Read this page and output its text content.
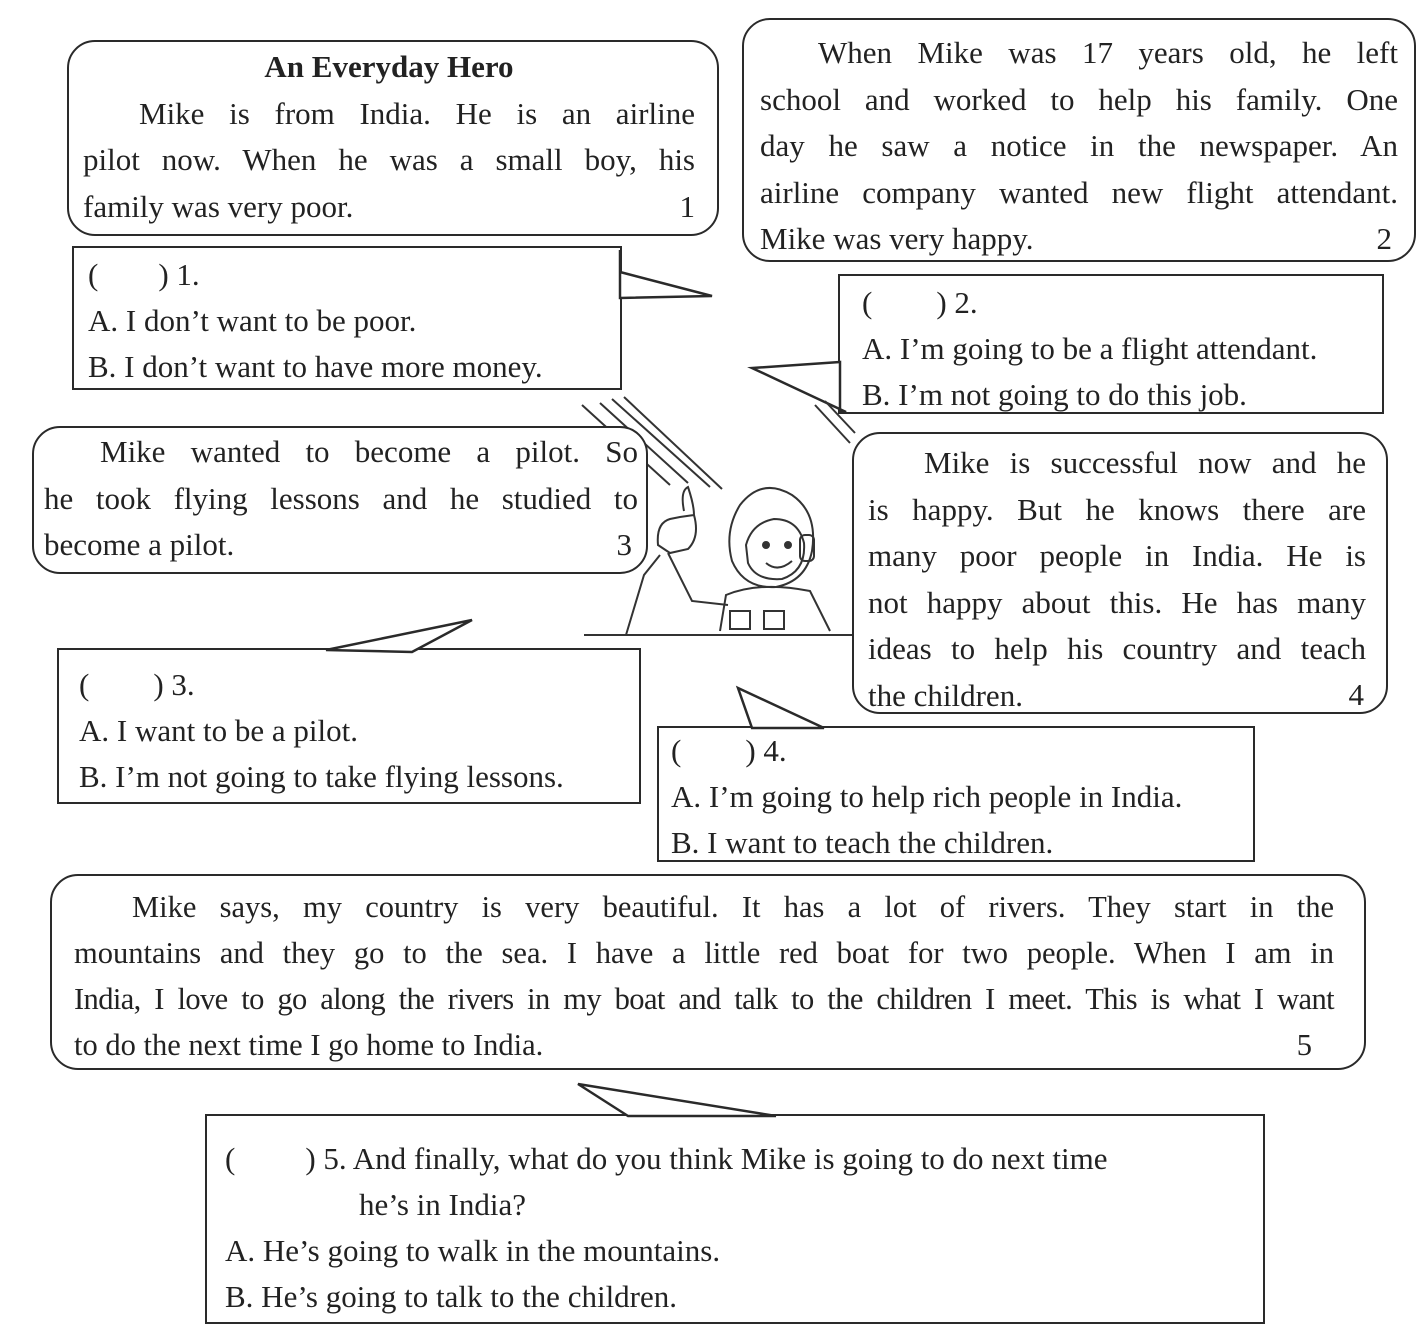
An Everyday Hero
Mike is from India. He is an airline
pilot now. When he was a small boy, his
family was very poor.	1
When Mike was 17 years old, he left
school and worked to help his family. One
day he saw a notice in the newspaper. An
airline company wanted new flight attendant.
Mike was very happy.	2
( ) 1.
A. I don’t want to be poor.
B. I don’t want to have more money.
( ) 2.
A. I’m going to be a flight attendant.
B. I’m not going to do this job.
Mike wanted to become a pilot. So
he took flying lessons and he studied to
become a pilot.	3
Mike is successful now and he
is happy. But he knows there are
many poor people in India. He is
not happy about this. He has many
ideas to help his country and teach
the children.	4
( ) 3.
A. I want to be a pilot.
B. I’m not going to take flying lessons.
( ) 4.
A. I’m going to help rich people in India.
B. I want to teach the children.
Mike says, my country is very beautiful. It has a lot of rivers. They start in the
mountains and they go to the sea. I have a little red boat for two people. When I am in
India, I love to go along the rivers in my boat and talk to the children I meet. This is what I want
to do the next time I go home to India.	5
( ) 5. And finally, what do you think Mike is going to do next time
he’s in India?
A. He’s going to walk in the mountains.
B. He’s going to talk to the children.
